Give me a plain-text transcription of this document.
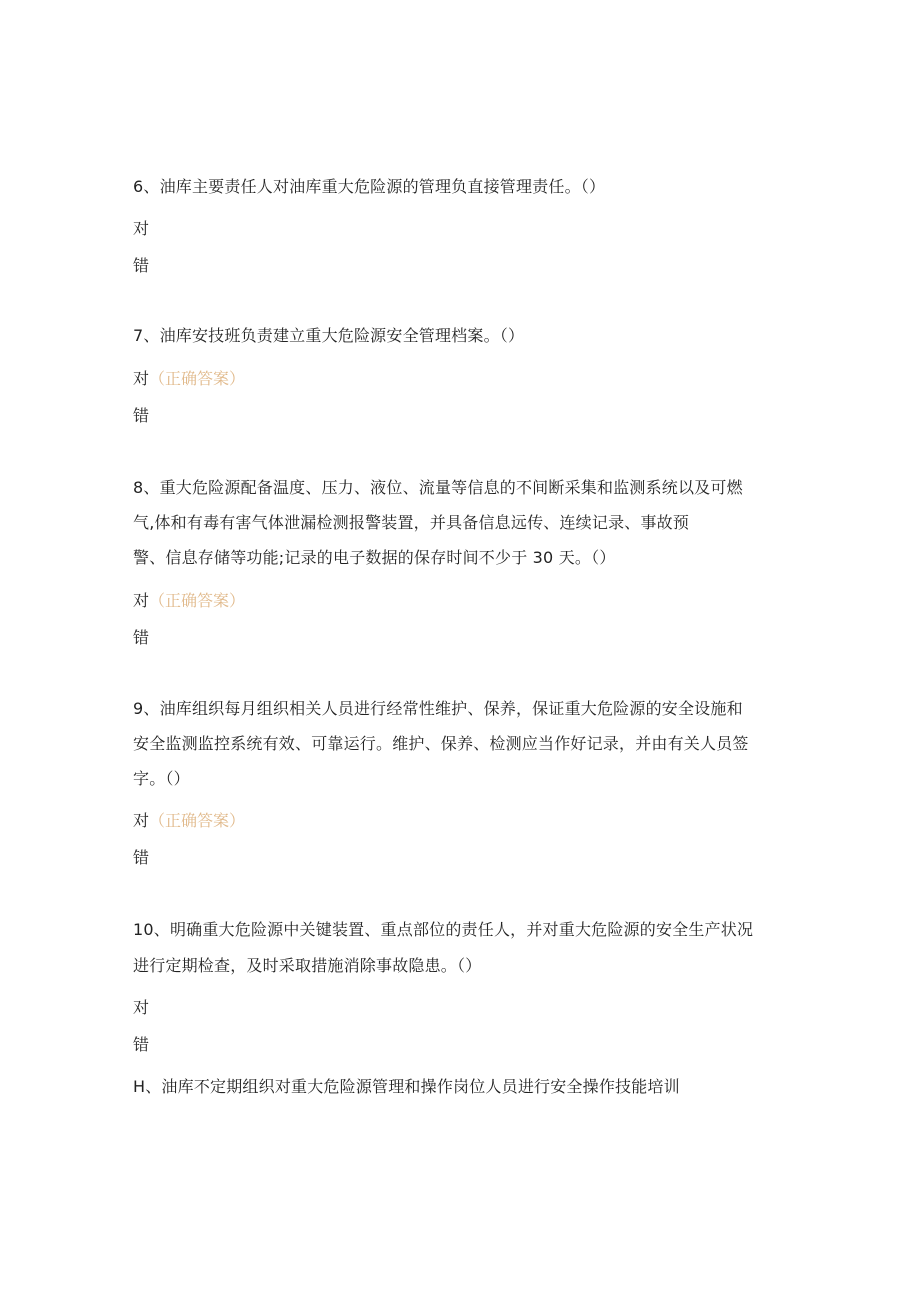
6、油库主要责任人对油库重大危险源的管理负直接管理责任。（）
对
错
7、油库安技班负责建立重大危险源安全管理档案。（）
对（正确答案）
错
8、重大危险源配备温度、压力、液位、流量等信息的不间断采集和监测系统以及可燃
气,体和有毒有害气体泄漏检测报警装置，并具备信息远传、连续记录、事故预
警、信息存储等功能;记录的电子数据的保存时间不少于 30 天。（）
对（正确答案）
错
9、油库组织每月组织相关人员进行经常性维护、保养，保证重大危险源的安全设施和
安全监测监控系统有效、可靠运行。维护、保养、检测应当作好记录，并由有关人员签
字。（）
对（正确答案）
错
10、明确重大危险源中关键装置、重点部位的责任人，并对重大危险源的安全生产状况
进行定期检查，及时采取措施消除事故隐患。（）
对
错
H、油库不定期组织对重大危险源管理和操作岗位人员进行安全操作技能培训
